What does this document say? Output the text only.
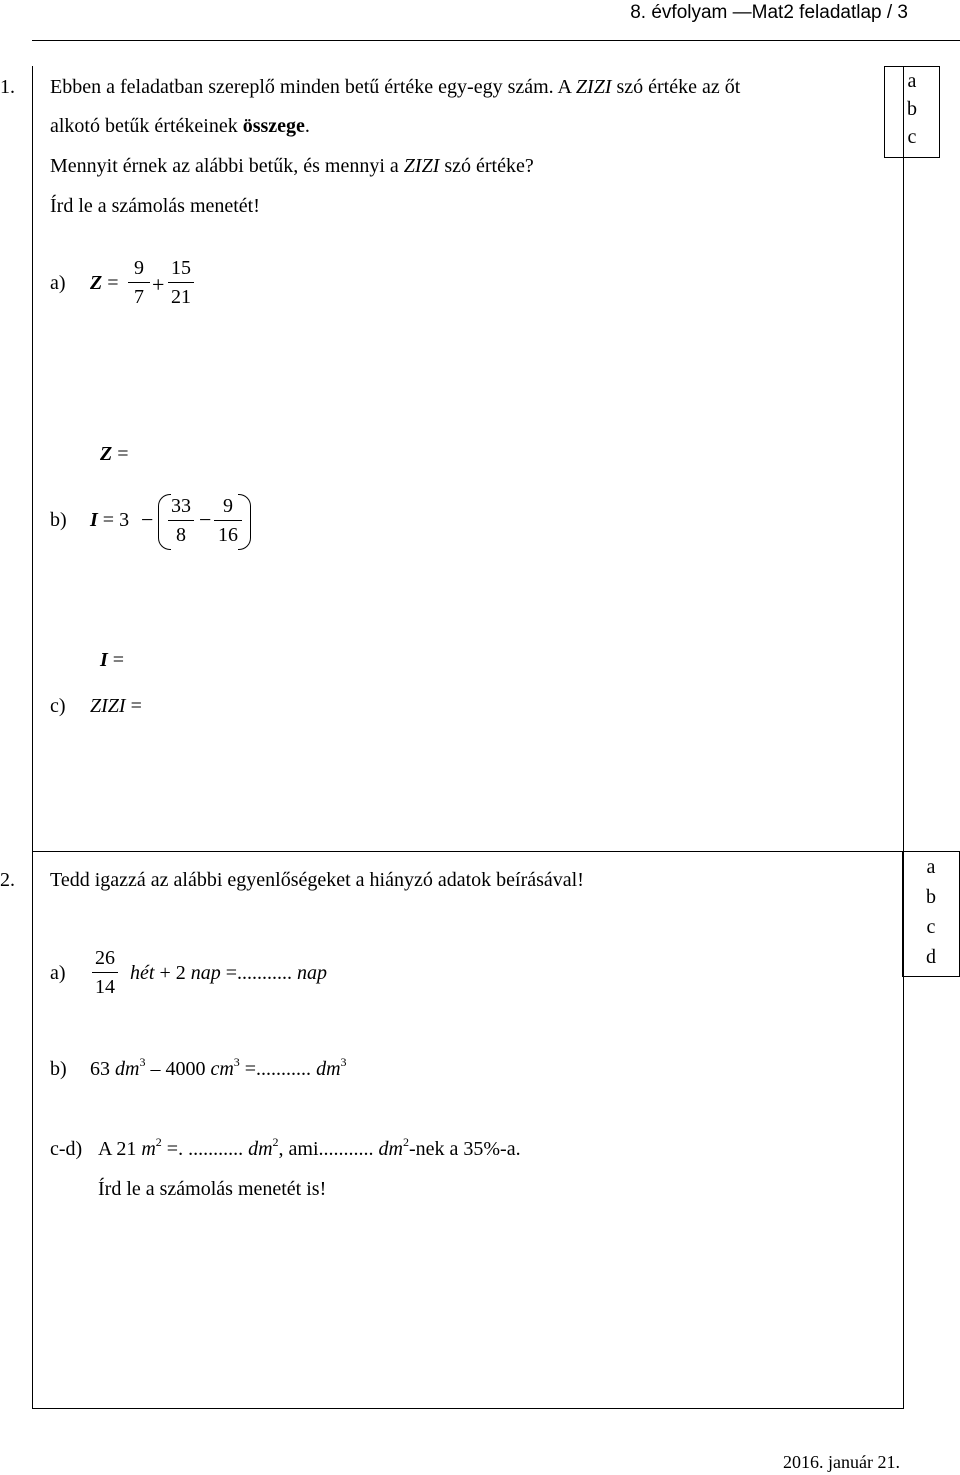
8. évfolyam —Mat2 feladatlap / 3
a
b
c
1. Ebben a feladatban szereplő minden betű értéke egy-egy szám. A ZIZI szó értéke az őt
alkotó betűk értékeinek összege.
Mennyit érnek az alábbi betűk, és mennyi a ZIZI szó értéke?
Írd le a számolás menetét!
a) Z =
9
7 +
15
21
Z =
b) I = 3 −
33
8
−
9
16
I =
c) ZIZI =
a
b
c
d
2. Tedd igazzá az alábbi egyenlőségeket a hiányzó adatok beírásával!
a)
26
14
hét + 2 nap =........... nap
b) 63 $dm^3 - 4000$ $cm^3$ =........... $dm^3$
c-d) A 21 $m^2$ =. ........... $dm^2$, ami........... $dm^2$-nek a 35%-a.
Írd le a számolás menetét is!
2016. január 21.
